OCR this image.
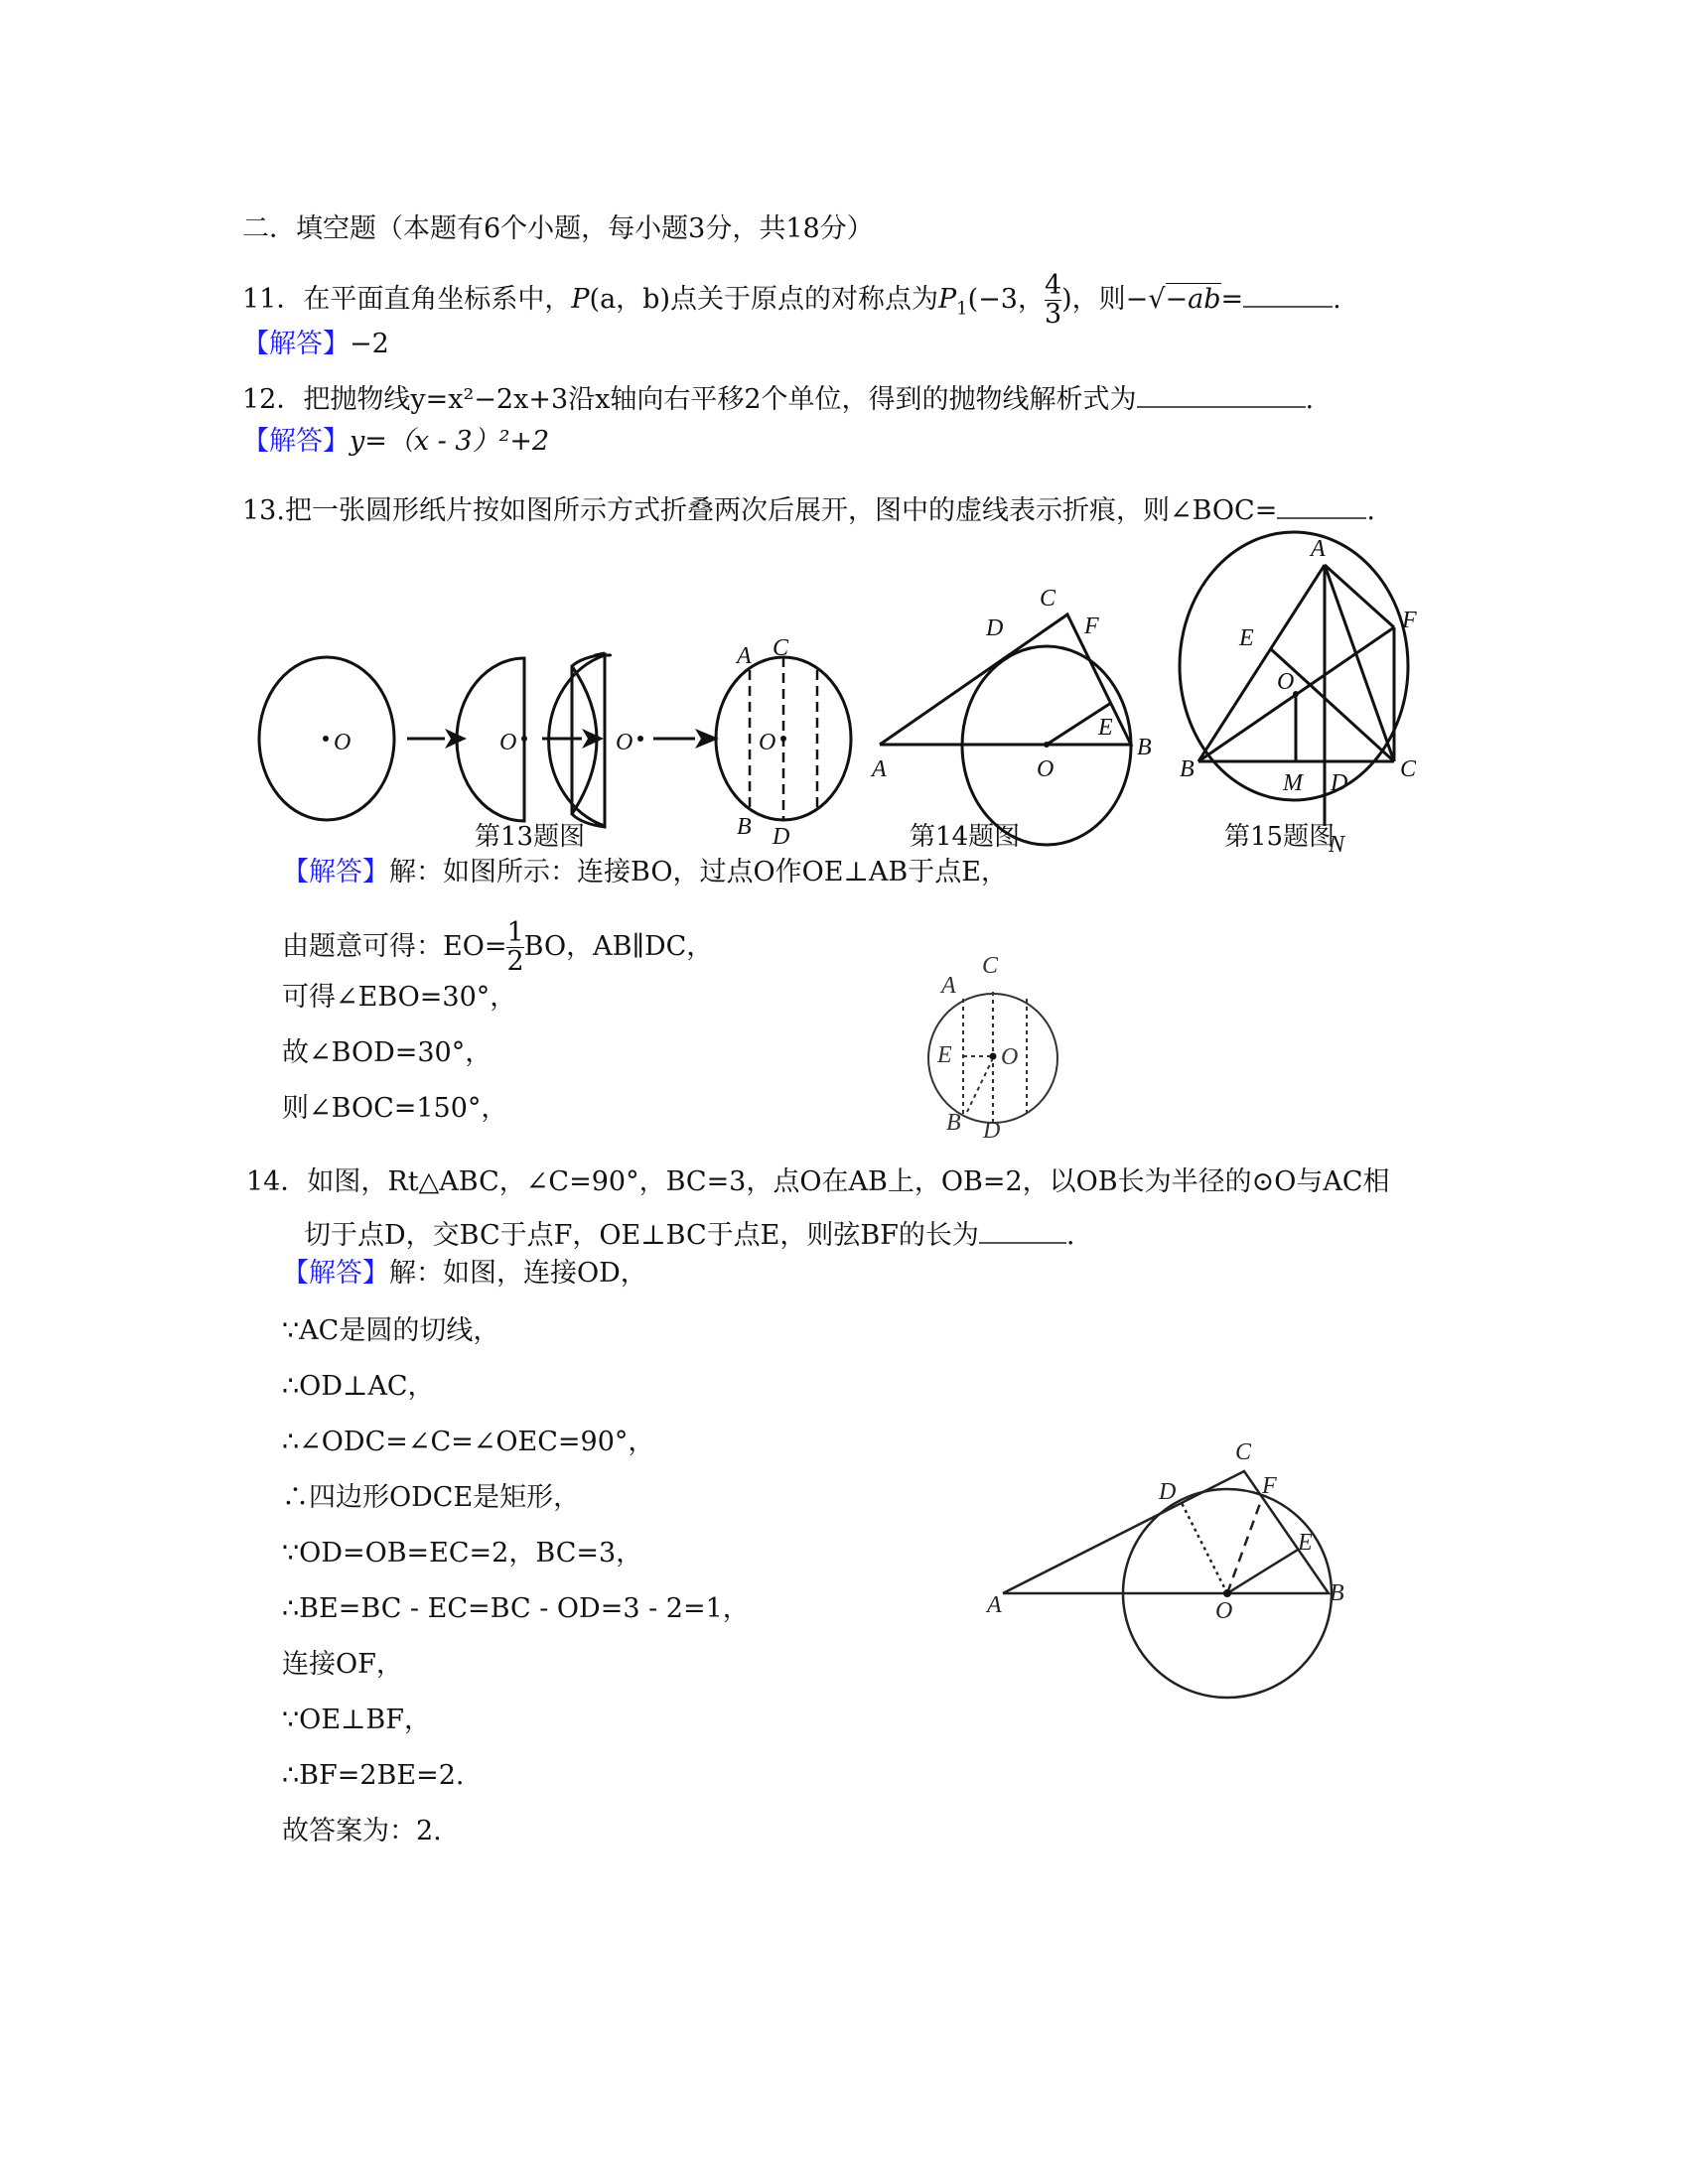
二．填空题（本题有6个小题，每小题3分，共18分）
11．在平面直角坐标系中，P(a，b)点关于原点的对称点为$P_1(-3$， $\frac{4}{3}$ )，则−√−ab=	.
【解答】−2
12．把抛物线y=x²−2x+3沿x轴向右平移2个单位，得到的抛物线解析式为	.
【解答】y=（x - 3）²+2
13.把一张圆形纸片按如图所示方式折叠两次后展开，图中的虚线表示折痕，则∠BOC=	.
O	O	O	O
A C
B D
C
D	F
E
B
A	O
A
F
E
O
B	C
M D
N
A
C
E O
B D
C
D	F
E
B
A	O
第13题图	第14题图	第15题图
【解答】解：如图所示：连接BO，过点O作OE⊥AB于点E，
由题意可得：$EO= \frac{1}{2}$ BO，AB∥DC，
可得∠EBO=30°，
故∠BOD=30°，
则∠BOC=150°，
14．如图，Rt△ABC，∠C=90°，BC=3，点O在AB上，OB=2，以OB长为半径的⊙O与AC相
切于点D，交BC于点F，OE⊥BC于点E，则弦BF的长为	.
【解答】解：如图，连接OD，
∵AC是圆的切线，
∴OD⊥AC，
∴∠ODC=∠C=∠OEC=90°，
∴四边形ODCE是矩形，
∵OD=OB=EC=2，BC=3，
∴BE=BC - EC=BC - OD=3 - 2=1，
连接OF，
∵OE⊥BF，
∴BF=2BE=2.
故答案为：2.
